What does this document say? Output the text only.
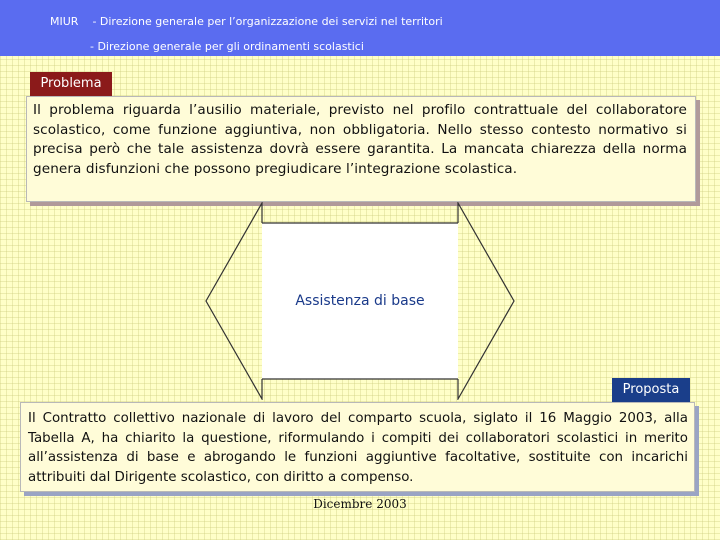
MIUR - Direzione generale per l’organizzazione dei servizi nel territori
- Direzione generale per gli ordinamenti scolastici
Problema

Il problema riguarda l’ausilio materiale, previsto nel profilo contrattuale del collaboratore scolastico, come funzione aggiuntiva, non obbligatoria. Nello stesso contesto normativo si precisa però che tale assistenza dovrà essere garantita. La mancata chiarezza della norma genera disfunzioni che possono pregiudicare l’integrazione scolastica.

Assistenza di base
Proposta

Il Contratto collettivo nazionale di lavoro del comparto scuola, siglato il 16 Maggio 2003, alla Tabella A, ha chiarito la questione, riformulando i compiti dei collaboratori scolastici in merito all’assistenza di base e abrogando le funzioni aggiuntive facoltative, sostituite con incarichi attribuiti dal Dirigente scolastico, con diritto a compenso.

Dicembre 2003
